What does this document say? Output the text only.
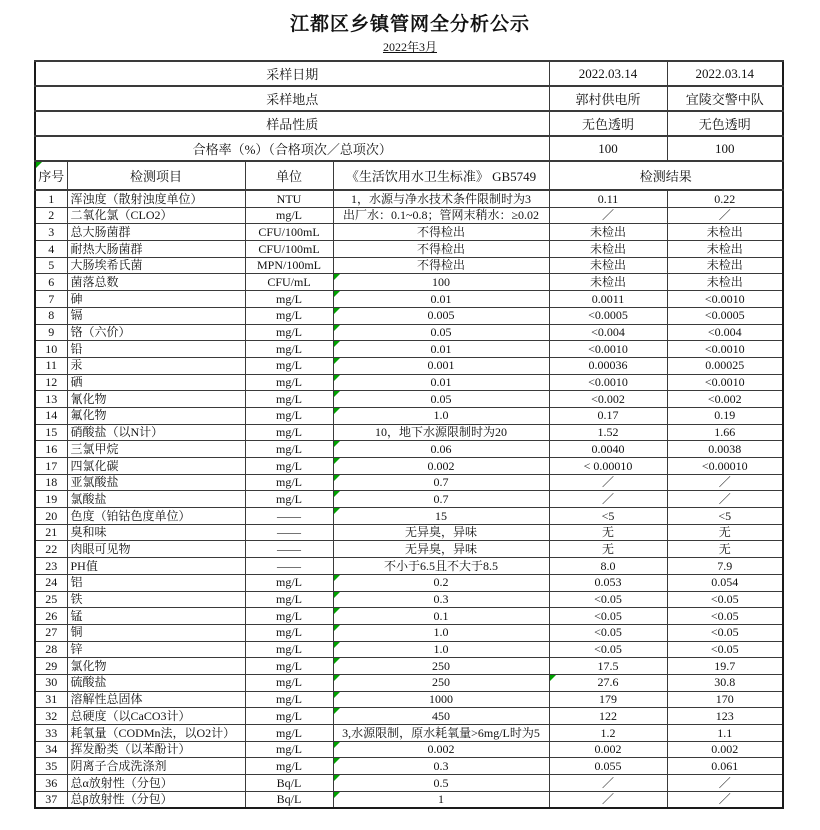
江都区乡镇管网全分析公示
2022年3月
采样日期				2022.03.14	2022.03.14
采样地点				郭村供电所	宜陵交警中队
样品性质				无色透明	无色透明
合格率（%）（合格项次／总项次）				100	100
序号	检测项目	单位	《生活饮用水卫生标准》 GB5749	检测结果	
1	浑浊度（散射浊度单位）	NTU	1，水源与净水技术条件限制时为3	0.11	0.22
2	二氧化氯（CLO2）	mg/L	出厂水：0.1~0.8；管网末稍水：≥0.02	／	／
3	总大肠菌群	CFU/100mL	不得检出	未检出	未检出
4	耐热大肠菌群	CFU/100mL	不得检出	未检出	未检出
5	大肠埃希氏菌	MPN/100mL	不得检出	未检出	未检出
6	菌落总数	CFU/mL	100	未检出	未检出
7	砷	mg/L	0.01	0.0011	<0.0010
8	镉	mg/L	0.005	<0.0005	<0.0005
9	铬（六价）	mg/L	0.05	<0.004	<0.004
10	铅	mg/L	0.01	<0.0010	<0.0010
11	汞	mg/L	0.001	0.00036	0.00025
12	硒	mg/L	0.01	<0.0010	<0.0010
13	氰化物	mg/L	0.05	<0.002	<0.002
14	氟化物	mg/L	1.0	0.17	0.19
15	硝酸盐（以N计）	mg/L	10，地下水源限制时为20	1.52	1.66
16	三氯甲烷	mg/L	0.06	0.0040	0.0038
17	四氯化碳	mg/L	0.002	< 0.00010	<0.00010
18	亚氯酸盐	mg/L	0.7	／	／
19	氯酸盐	mg/L	0.7	／	／
20	色度（铂钴色度单位）	——	15	<5	<5
21	臭和味	——	无异臭，异味	无	无
22	肉眼可见物	——	无异臭，异味	无	无
23	PH值	——	不小于6.5且不大于8.5	8.0	7.9
24	铝	mg/L	0.2	0.053	0.054
25	铁	mg/L	0.3	<0.05	<0.05
26	锰	mg/L	0.1	<0.05	<0.05
27	铜	mg/L	1.0	<0.05	<0.05
28	锌	mg/L	1.0	<0.05	<0.05
29	氯化物	mg/L	250	17.5	19.7
30	硫酸盐	mg/L	250	27.6	30.8
31	溶解性总固体	mg/L	1000	179	170
32	总硬度（以CaCO3计）	mg/L	450	122	123
33	耗氧量（CODMn法，以O2计）	mg/L	3,水源限制，原水耗氧量>6mg/L时为5	1.2	1.1
34	挥发酚类（以苯酚计）	mg/L	0.002	0.002	0.002
35	阴离子合成洗涤剂	mg/L	0.3	0.055	0.061
36	总α放射性（分包）	Bq/L	0.5	／	／
37	总β放射性（分包）	Bq/L	1	／	／
